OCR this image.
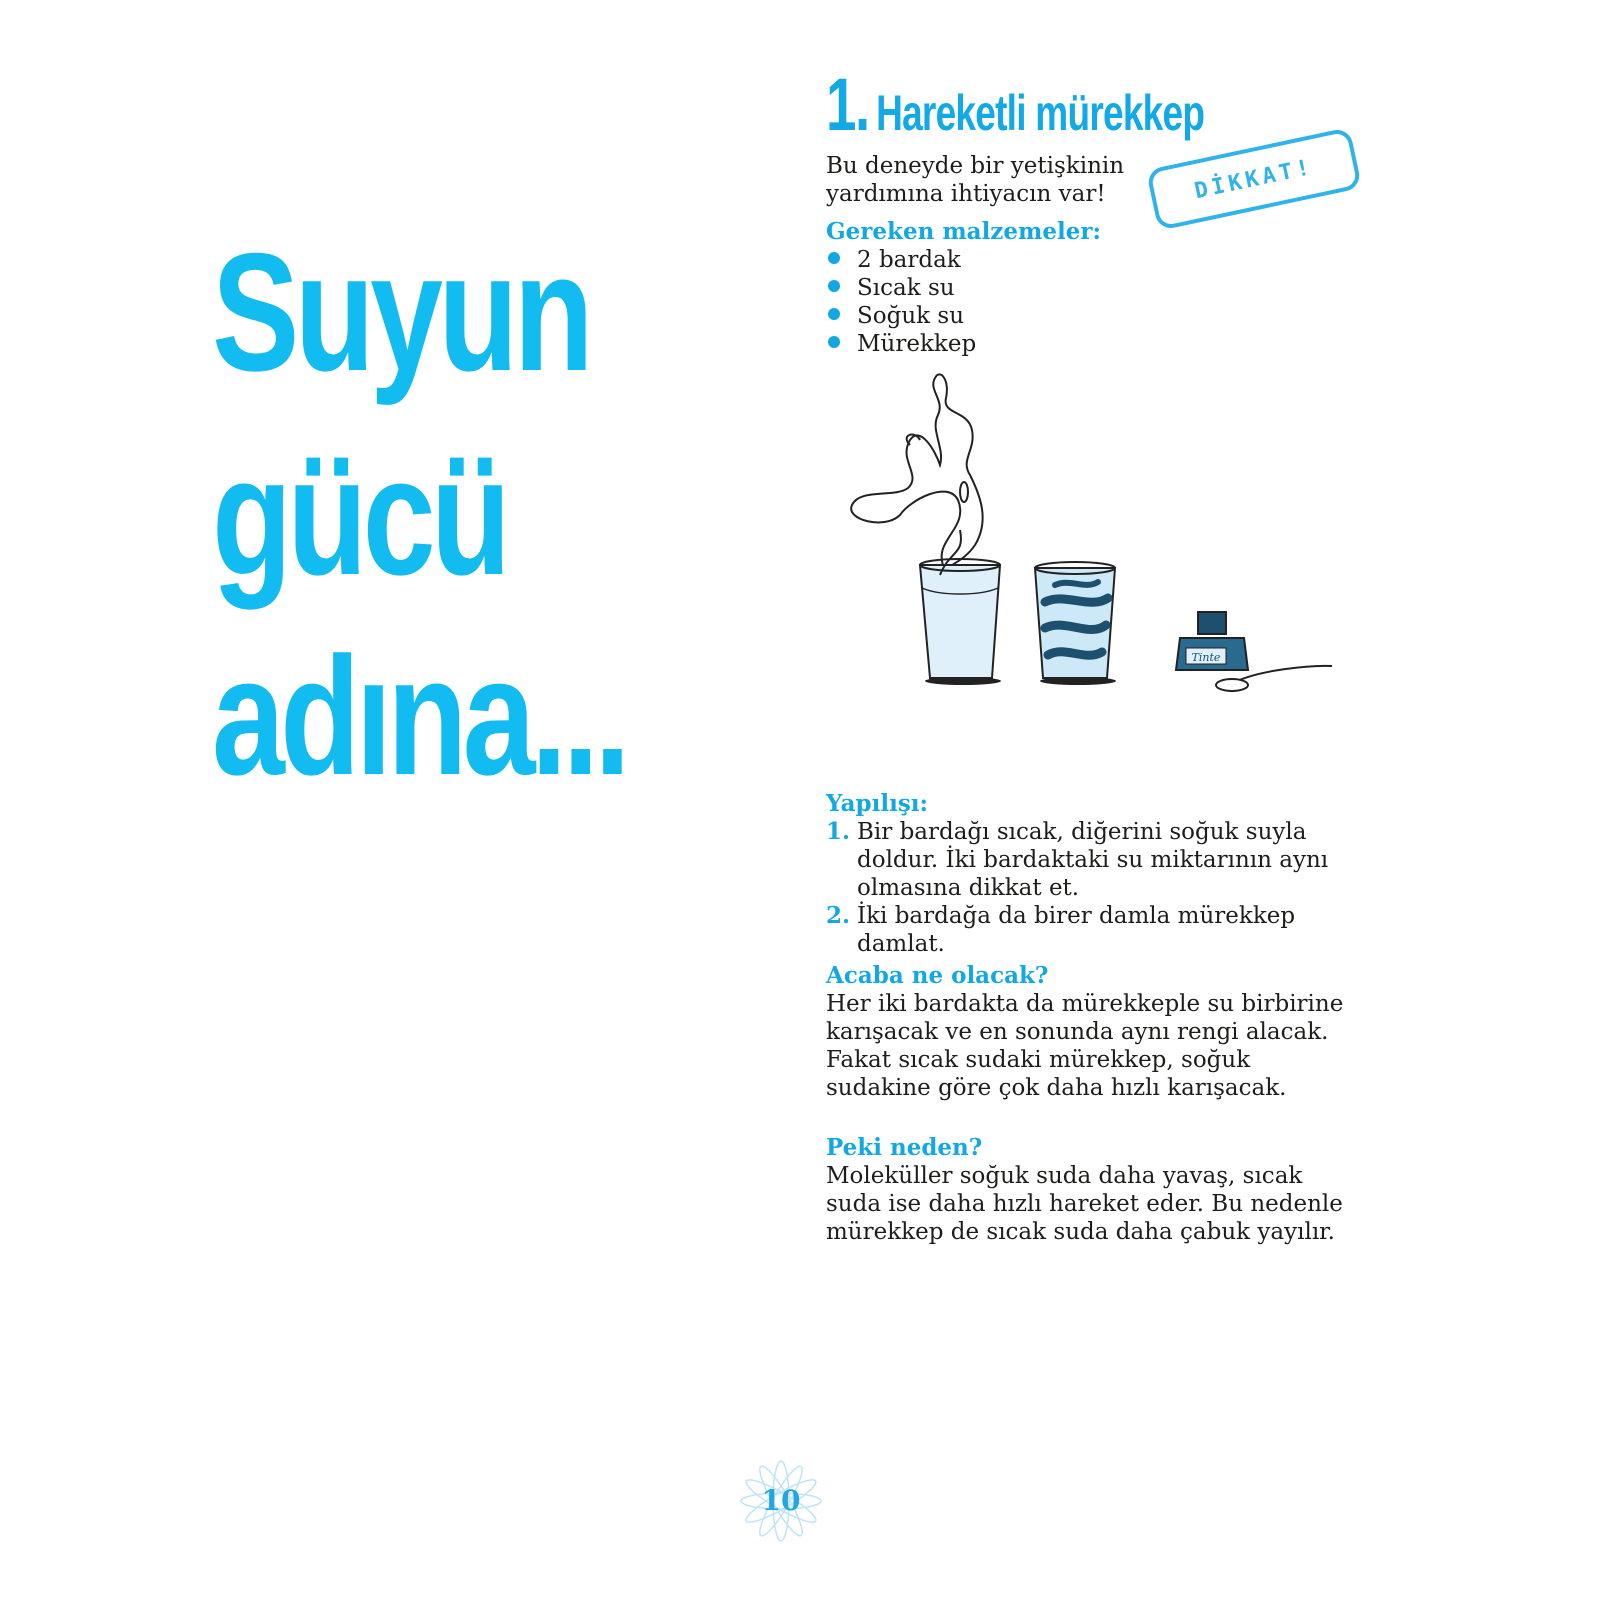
Suyun
gücü
adına...
1. Hareketli mürekkep
Bu deneyde bir yetişkinin yardımına ihtiyacın var!	DİKKAT!
Gereken malzemeler:
2 bardak
Sıcak su
Soğuk su
Mürekkep
Tinte
Yapılışı:
1. Bir bardağı sıcak, diğerini soğuk suyla doldur. İki bardaktaki su miktarının aynı olmasına dikkat et.
2. İki bardağa da birer damla mürekkep damlat.
Acaba ne olacak?

Her iki bardakta da mürekkeple su birbirine karışacak ve en sonunda aynı rengi alacak. Fakat sıcak sudaki mürekkep, soğuk sudakine göre çok daha hızlı karışacak.

Peki neden?

Moleküller soğuk suda daha yavaş, sıcak suda ise daha hızlı hareket eder. Bu nedenle mürekkep de sıcak suda daha çabuk yayılır.

10
